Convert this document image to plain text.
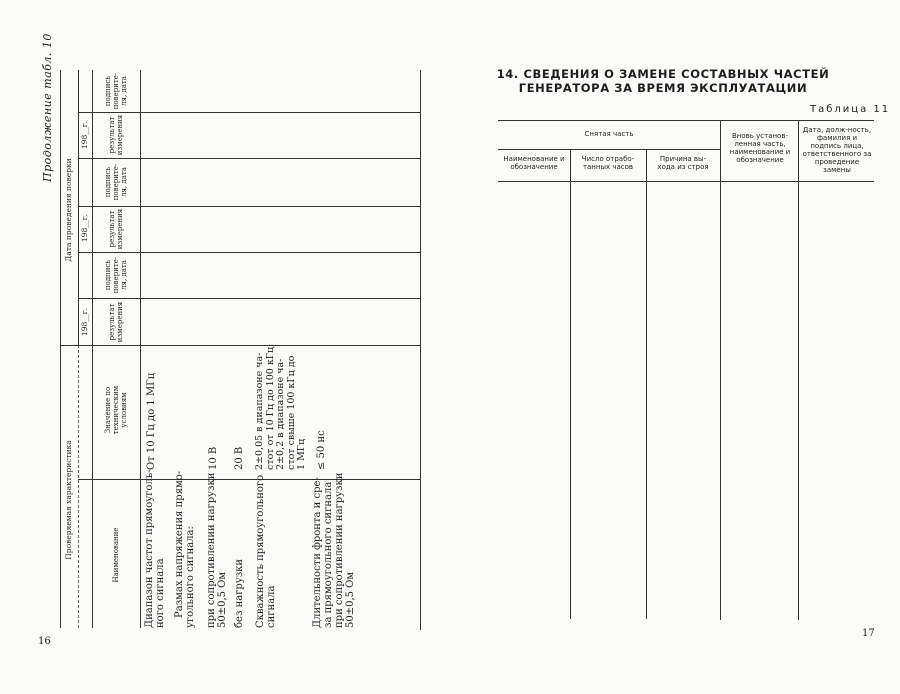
Продолжение табл. 10
Проверяемая характеристика
Дата проведения поверки
Наименование
Значение по техническим условиям
198__г.
198__г.
198__г.
результат измерения
подпись поверите-ля, дата
результат измерения
подпись поверите-ля, дата
результат измерения
подпись поверите-ля, дата
Диапазон частот прямоуголь-
ного сигнала
От 10 Гц до 1 МГц
Размах напряжения прямо-
угольного сигнала: при сопротивлении нагрузки
50±0,5 Ом
10 В
без нагрузки
20 В
Скважность прямоугольного
сигнала
2±0,05 в диапазоне ча-
стот от 10 Гц до 100 кГц;
2±0,2 в диапазоне ча-
стот свыше 100 кГц до
1 МГц
Длительности фронта и сре-
за прямоугольного сигнала
при сопротивлении нагрузки
50±0,5 Ом
≤ 50 нс
16
14. СВЕДЕНИЯ О ЗАМЕНЕ СОСТАВНЫХ ЧАСТЕЙ
ГЕНЕРАТОРА ЗА ВРЕМЯ ЭКСПЛУАТАЦИИ
Таблица 11
Снятая часть
Наименование и обозначение
Число отрабо-танных часов
Причина вы-хода из строя
Вновь установ-ленная часть, наименование и обозначение
Дата, долж-ность, фамилия и подпись лица, ответственного за проведение замены
17
